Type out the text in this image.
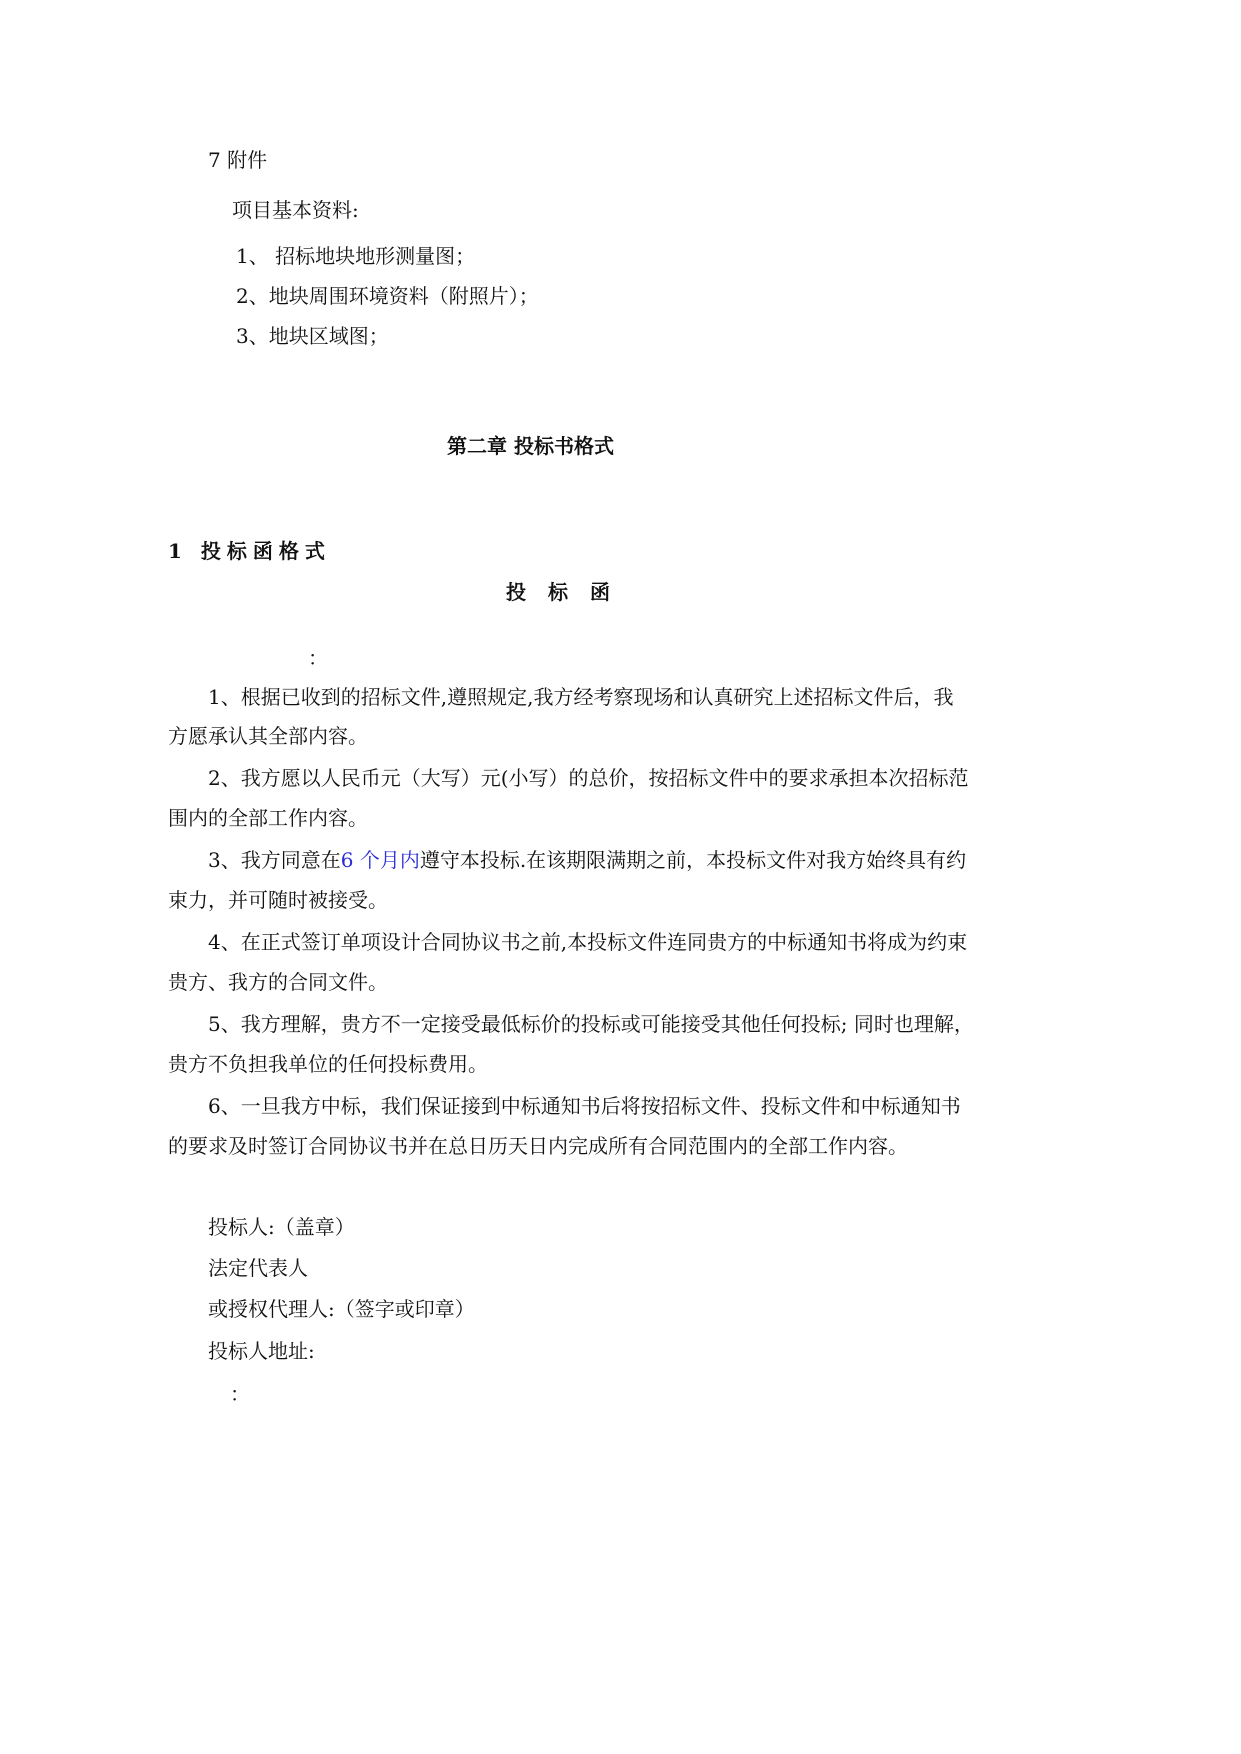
7 附件
项目基本资料:
1、 招标地块地形测量图；
2、地块周围环境资料（附照片）；
3、地块区域图；
第二章 投标书格式
1 投标函格式
投标函
：
1、根据已收到的招标文件,遵照规定,我方经考察现场和认真研究上述招标文件后，我
方愿承认其全部内容。
2、我方愿以人民币元（大写）元(小写）的总价，按招标文件中的要求承担本次招标范
围内的全部工作内容。
3、我方同意在6 个月内遵守本投标.在该期限满期之前，本投标文件对我方始终具有约
束力，并可随时被接受。
4、在正式签订单项设计合同协议书之前,本投标文件连同贵方的中标通知书将成为约束
贵方、我方的合同文件。
5、我方理解，贵方不一定接受最低标价的投标或可能接受其他任何投标; 同时也理解，
贵方不负担我单位的任何投标费用。
6、一旦我方中标，我们保证接到中标通知书后将按招标文件、投标文件和中标通知书
的要求及时签订合同协议书并在总日历天日内完成所有合同范围内的全部工作内容。
投标人:（盖章）
法定代表人
或授权代理人:（签字或印章）
投标人地址:
：
